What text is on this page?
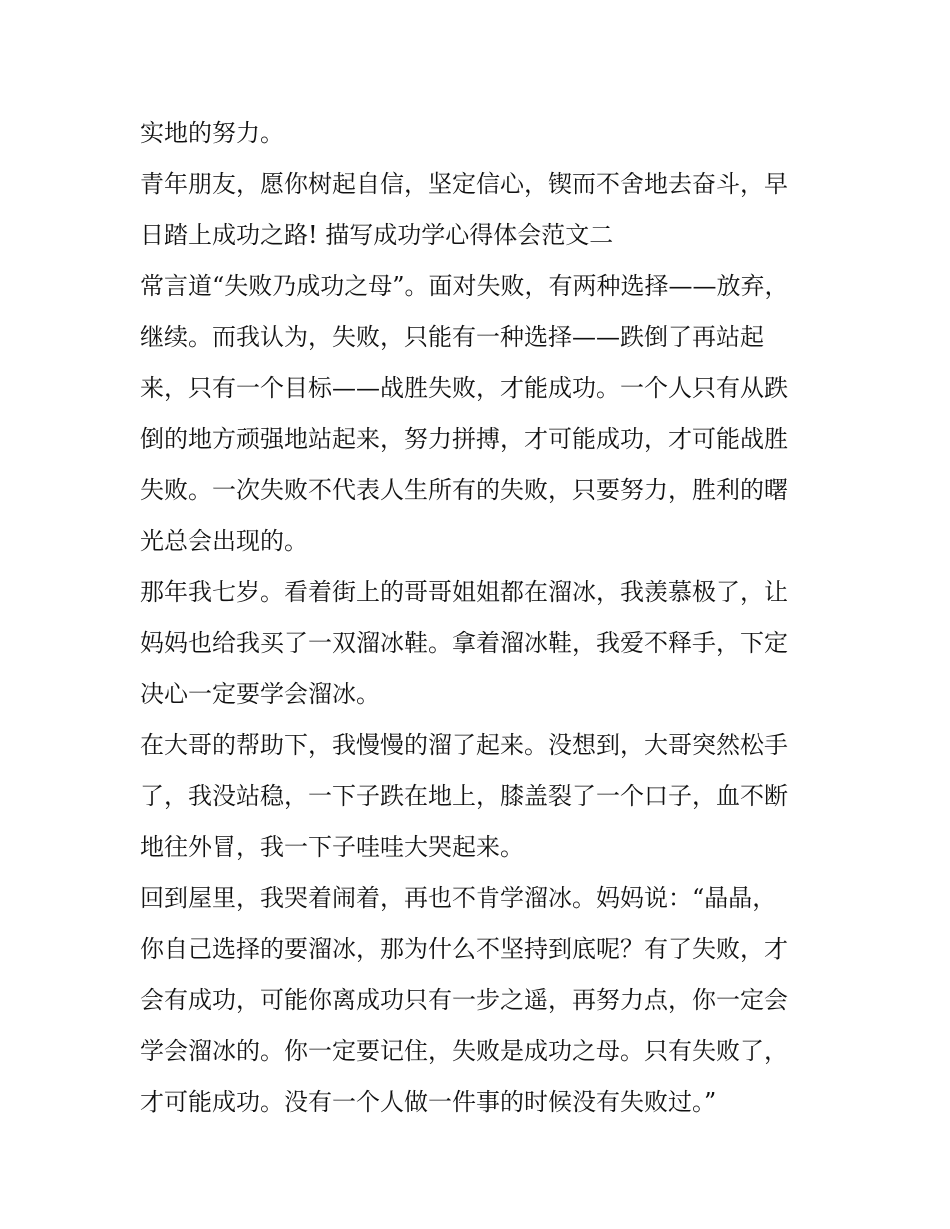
实地的努力。
青年朋友，愿你树起自信，坚定信心，锲而不舍地去奋斗，早
日踏上成功之路! 描写成功学心得体会范文二
常言道“失败乃成功之母”。面对失败，有两种选择——放弃，
继续。而我认为，失败，只能有一种选择——跌倒了再站起
来，只有一个目标——战胜失败，才能成功。一个人只有从跌
倒的地方顽强地站起来，努力拼搏，才可能成功，才可能战胜
失败。一次失败不代表人生所有的失败，只要努力，胜利的曙
光总会出现的。
那年我七岁。看着街上的哥哥姐姐都在溜冰，我羡慕极了，让
妈妈也给我买了一双溜冰鞋。拿着溜冰鞋，我爱不释手，下定
决心一定要学会溜冰。
在大哥的帮助下，我慢慢的溜了起来。没想到，大哥突然松手
了，我没站稳，一下子跌在地上，膝盖裂了一个口子，血不断
地往外冒，我一下子哇哇大哭起来。
回到屋里，我哭着闹着，再也不肯学溜冰。妈妈说：“晶晶，
你自己选择的要溜冰，那为什么不坚持到底呢？有了失败，才
会有成功，可能你离成功只有一步之遥，再努力点，你一定会
学会溜冰的。你一定要记住，失败是成功之母。只有失败了，
才可能成功。没有一个人做一件事的时候没有失败过。”
